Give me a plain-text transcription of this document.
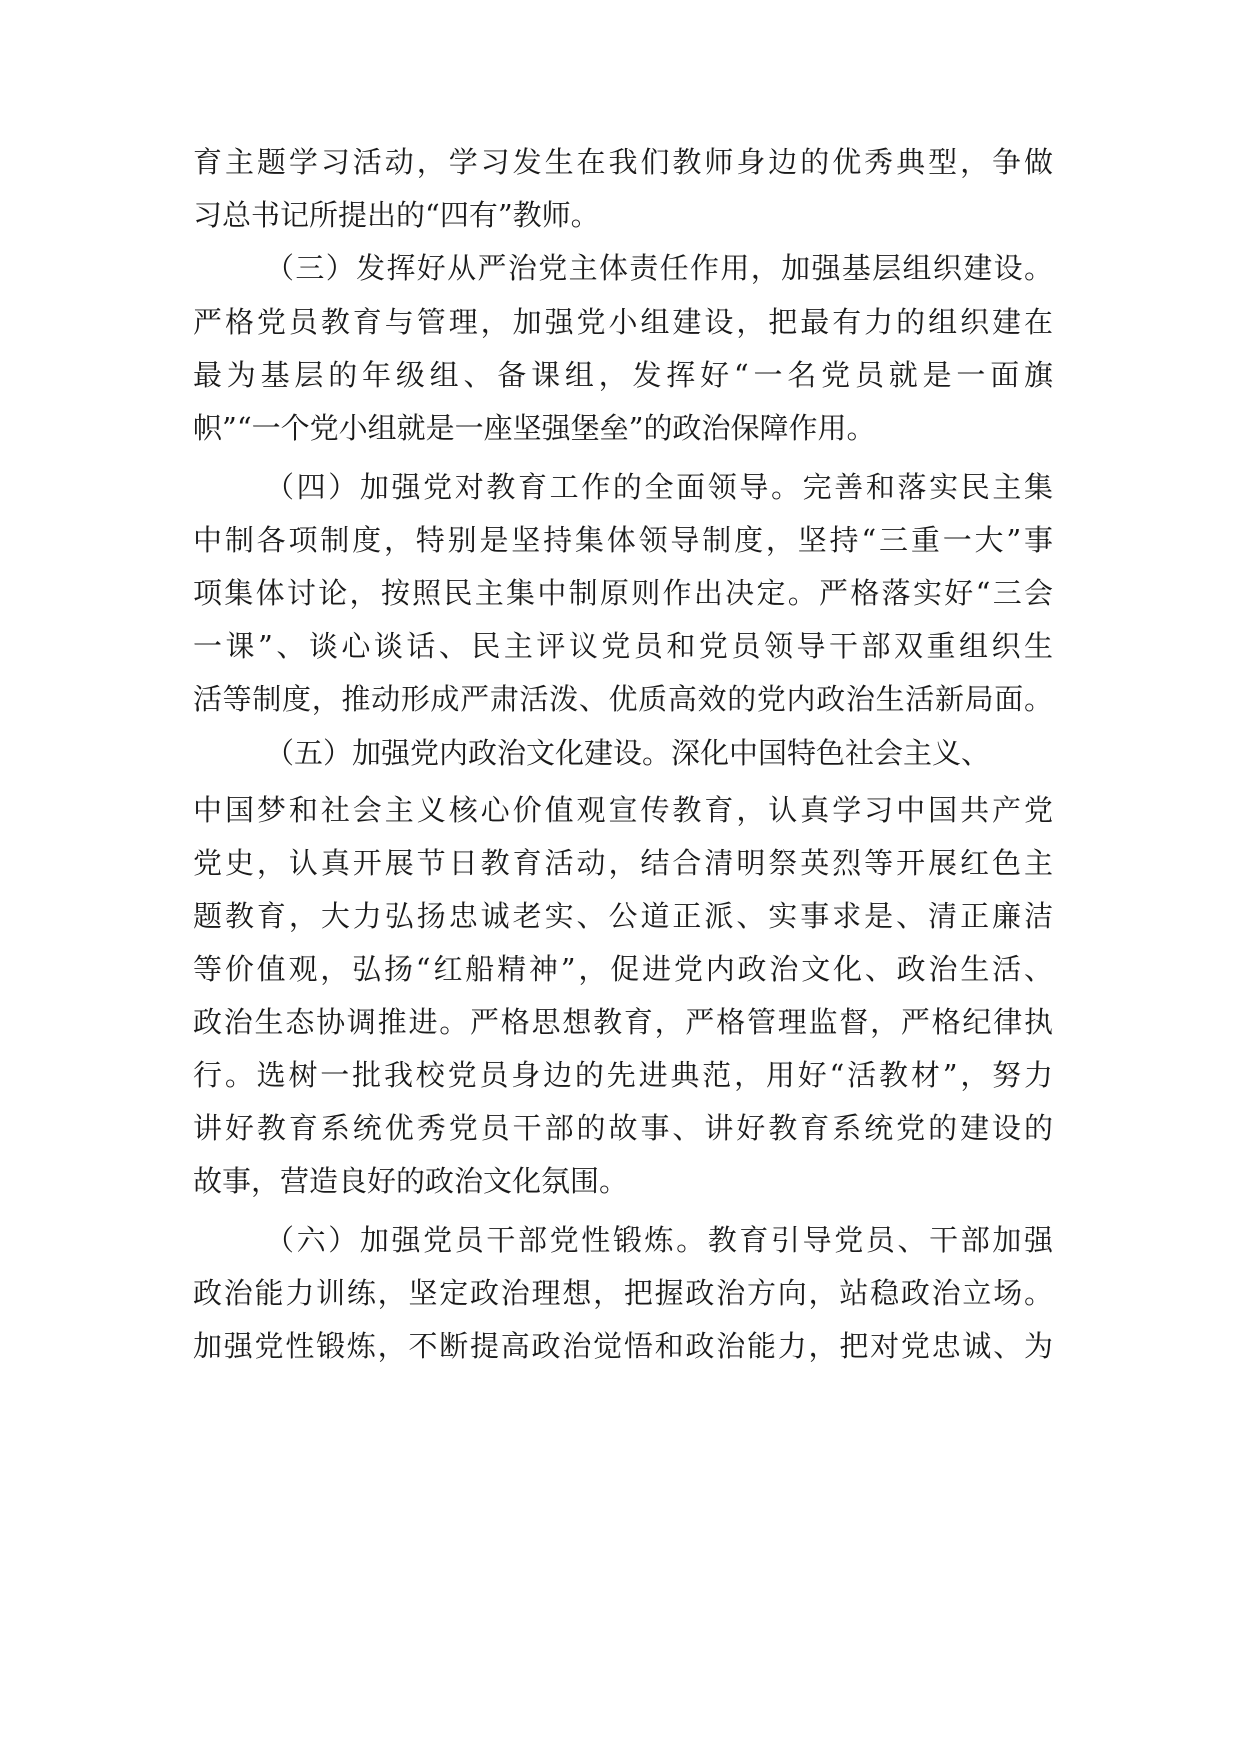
育主题学习活动，学习发生在我们教师身边的优秀典型，争做
习总书记所提出的“四有”教师。
（三）发挥好从严治党主体责任作用，加强基层组织建设。
严格党员教育与管理，加强党小组建设，把最有力的组织建在
最为基层的年级组、备课组，发挥好“一名党员就是一面旗
帜”“一个党小组就是一座坚强堡垒”的政治保障作用。
（四）加强党对教育工作的全面领导。完善和落实民主集
中制各项制度，特别是坚持集体领导制度，坚持“三重一大”事
项集体讨论，按照民主集中制原则作出决定。严格落实好“三会
一课”、谈心谈话、民主评议党员和党员领导干部双重组织生
活等制度，推动形成严肃活泼、优质高效的党内政治生活新局面。
（五）加强党内政治文化建设。深化中国特色社会主义、
中国梦和社会主义核心价值观宣传教育，认真学习中国共产党
党史，认真开展节日教育活动，结合清明祭英烈等开展红色主
题教育，大力弘扬忠诚老实、公道正派、实事求是、清正廉洁
等价值观，弘扬“红船精神”，促进党内政治文化、政治生活、
政治生态协调推进。严格思想教育，严格管理监督，严格纪律执
行。选树一批我校党员身边的先进典范，用好“活教材”，努力
讲好教育系统优秀党员干部的故事、讲好教育系统党的建设的
故事，营造良好的政治文化氛围。
（六）加强党员干部党性锻炼。教育引导党员、干部加强
政治能力训练，坚定政治理想，把握政治方向，站稳政治立场。
加强党性锻炼，不断提高政治觉悟和政治能力，把对党忠诚、为
